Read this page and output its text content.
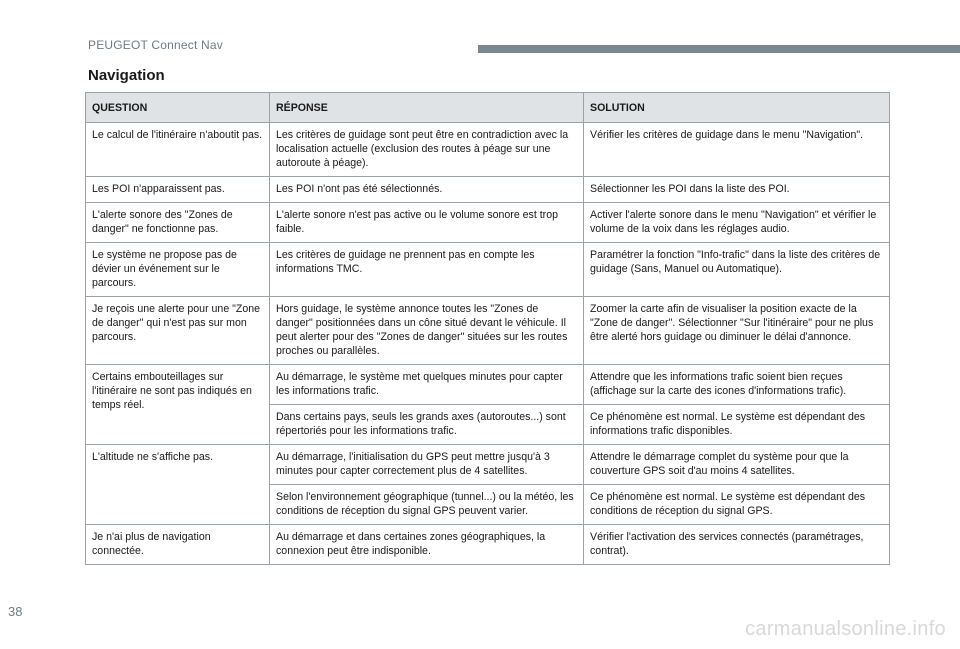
PEUGEOT Connect Nav
Navigation
QUESTION	RÉPONSE	SOLUTION
Le calcul de l'itinéraire n'aboutit pas.	Les critères de guidage sont peut être en contradiction avec la localisation actuelle (exclusion des routes à péage sur une autoroute à péage).	Vérifier les critères de guidage dans le menu "Navigation".
Les POI n'apparaissent pas.	Les POI n'ont pas été sélectionnés.	Sélectionner les POI dans la liste des POI.
L'alerte sonore des "Zones de danger" ne fonctionne pas.	L'alerte sonore n'est pas active ou le volume sonore est trop faible.	Activer l'alerte sonore dans le menu "Navigation" et vérifier le volume de la voix dans les réglages audio.
Le système ne propose pas de dévier un événement sur le parcours.	Les critères de guidage ne prennent pas en compte les informations TMC.	Paramétrer la fonction "Info-trafic" dans la liste des critères de guidage (Sans, Manuel ou Automatique).
Je reçois une alerte pour une "Zone de danger" qui n'est pas sur mon parcours.	Hors guidage, le système annonce toutes les "Zones de danger" positionnées dans un cône situé devant le véhicule. Il peut alerter pour des "Zones de danger" situées sur les routes proches ou parallèles.	Zoomer la carte afin de visualiser la position exacte de la "Zone de danger". Sélectionner "Sur l'itinéraire" pour ne plus être alerté hors guidage ou diminuer le délai d'annonce.
Certains embouteillages sur l'itinéraire ne sont pas indiqués en temps réel.	Au démarrage, le système met quelques minutes pour capter les informations trafic.	Attendre que les informations trafic soient bien reçues (affichage sur la carte des icones d'informations trafic).
	Dans certains pays, seuls les grands axes (autoroutes...) sont répertoriés pour les informations trafic.	Ce phénomène est normal. Le système est dépendant des informations trafic disponibles.
L'altitude ne s'affiche pas.	Au démarrage, l'initialisation du GPS peut mettre jusqu'à 3 minutes pour capter correctement plus de 4 satellites.	Attendre le démarrage complet du système pour que la couverture GPS soit d'au moins 4 satellites.
	Selon l'environnement géographique (tunnel...) ou la météo, les conditions de réception du signal GPS peuvent varier.	Ce phénomène est normal. Le système est dépendant des conditions de réception du signal GPS.
Je n'ai plus de navigation connectée.	Au démarrage et dans certaines zones géographiques, la connexion peut être indisponible.	Vérifier l'activation des services connectés (paramétrages, contrat).
38
carmanualsonline.info
